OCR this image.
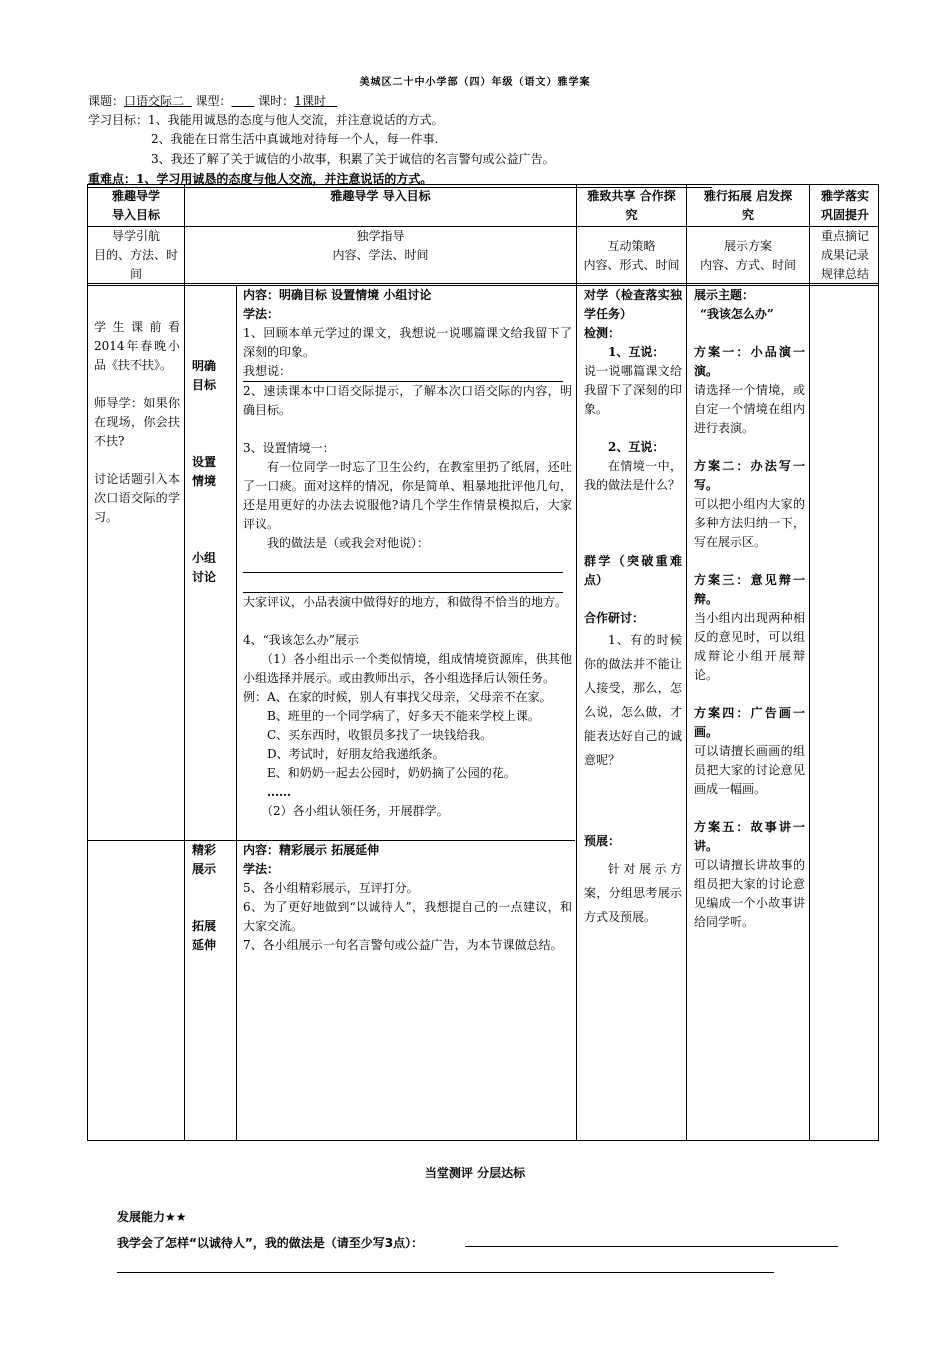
美城区二十中小学部（四）年级（语文）雅学案
课题：口语交际二 课型： 课时：1课时
学习目标：1、我能用诚恳的态度与他人交流，并注意说话的方式。
2、我能在日常生活中真诚地对待每一个人，每一件事.
3、我还了解了关于诚信的小故事，积累了关于诚信的名言警句或公益广告。
重难点：1、学习用诚恳的态度与他人交流，并注意说话的方式。
雅趣导学
导入目标
雅趣导学 导入目标	雅致共享 合作探
究
雅行拓展 启发探
究
雅学落实
巩固提升
导学引航
目的、方法、时
间
独学指导
内容、学法、时间
互动策略
内容、形式、时间
展示方案
内容、方式、时间
重点摘记
成果记录
规律总结
学生课前看2014年春晚小品《扶不扶》。
师导学：如果你在现场，你会扶不扶?
讨论话题引入本次口语交际的学习。
明确
目标
设置
情境
小组
讨论
精彩
展示
拓展
延伸
内容：明确目标 设置情境 小组讨论
学法：
1、回顾本单元学过的课文，我想说一说哪篇课文给我留下了深刻的印象。
我想说：
2、速读课本中口语交际提示，了解本次口语交际的内容，明确目标。
3、设置情境一：
有一位同学一时忘了卫生公约，在教室里扔了纸屑，还吐了一口痰。面对这样的情况，你是简单、粗暴地批评他几句，还是用更好的办法去说服他?请几个学生作情景模拟后，大家评议。
我的做法是（或我会对他说）：
大家评议，小品表演中做得好的地方，和做得不恰当的地方。
4、“我该怎么办”展示
（1）各小组出示一个类似情境，组成情境资源库，供其他小组选择并展示。或由教师出示，各小组选择后认领任务。
例：A、在家的时候，别人有事找父母亲，父母亲不在家。
B、班里的一个同学病了，好多天不能来学校上课。
C、买东西时，收银员多找了一块钱给我。
D、考试时，好朋友给我递纸条。
E、和奶奶一起去公园时，奶奶摘了公园的花。
……
（2）各小组认领任务，开展群学。
内容：精彩展示 拓展延伸
学法：
5、各小组精彩展示，互评打分。
6、为了更好地做到“以诚待人”，我想提自己的一点建议，和大家交流。
7、各小组展示一句名言警句或公益广告，为本节课做总结。
对学（检查落实独学任务）
检测：
1、互说：
说一说哪篇课文给我留下了深刻的印象。
2、互说：
在情境一中，我的做法是什么？
群学（突破重难点）
合作研讨：
1、有的时候你的做法并不能让人接受，那么，怎么说，怎么做，才能表达好自己的诚意呢？
预展：
针对展示方案，分组思考展示方式及预展。
展示主题：
“我该怎么办”
方案一：小品演一演。
请选择一个情境，或自定一个情境在组内进行表演。
方案二：办法写一写。
可以把小组内大家的多种方法归纳一下，写在展示区。
方案三：意见辩一辩。
当小组内出现两种相反的意见时，可以组成辩论小组开展辩论。
方案四：广告画一画。
可以请擅长画画的组员把大家的讨论意见画成一幅画。
方案五：故事讲一讲。
可以请擅长讲故事的组员把大家的讨论意见编成一个小故事讲给同学听。
当堂测评 分层达标
发展能力★★
我学会了怎样“以诚待人”，我的做法是（请至少写3点）：
